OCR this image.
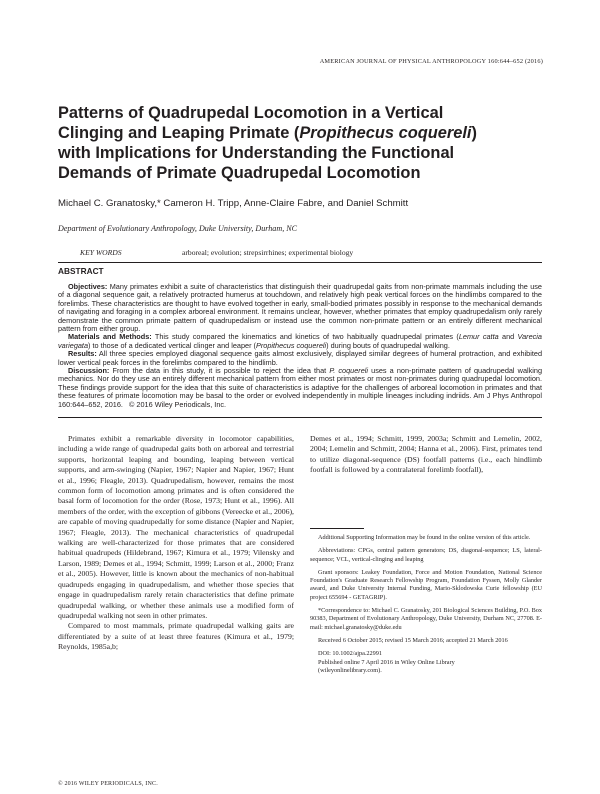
AMERICAN JOURNAL OF PHYSICAL ANTHROPOLOGY 160:644–652 (2016)
Patterns of Quadrupedal Locomotion in a Vertical
Clinging and Leaping Primate (Propithecus coquereli)
with Implications for Understanding the Functional
Demands of Primate Quadrupedal Locomotion
Michael C. Granatosky,* Cameron H. Tripp, Anne-Claire Fabre, and Daniel Schmitt
Department of Evolutionary Anthropology, Duke University, Durham, NC
KEY WORDS	arboreal; evolution; strepsirrhines; experimental biology
ABSTRACT

Objectives: Many primates exhibit a suite of characteristics that distinguish their quadrupedal gaits from non-primate mammals including the use of a diagonal sequence gait, a relatively protracted humerus at touchdown, and relatively high peak vertical forces on the hindlimbs compared to the forelimbs. These characteristics are thought to have evolved together in early, small-bodied primates possibly in response to the mechanical demands of navigating and foraging in a complex arboreal environment. It remains unclear, however, whether primates that employ quadrupedalism only rarely demonstrate the common primate pattern of quadrupedalism or instead use the common non-primate pattern or an entirely different mechanical pattern from either group.

Materials and Methods: This study compared the kinematics and kinetics of two habitually quadrupedal primates (Lemur catta and Varecia variegata) to those of a dedicated vertical clinger and leaper (Propithecus coquereli) during bouts of quadrupedal walking.

Results: All three species employed diagonal sequence gaits almost exclusively, displayed similar degrees of humeral protraction, and exhibited lower vertical peak forces in the forelimbs compared to the hindlimb.

Discussion: From the data in this study, it is possible to reject the idea that P. coquereli uses a non-primate pattern of quadrupedal walking mechanics. Nor do they use an entirely different mechanical pattern from either most primates or most non-primates during quadrupedal locomotion. These findings provide support for the idea that this suite of characteristics is adaptive for the challenges of arboreal locomotion in primates and that these features of primate locomotion may be basal to the order or evolved independently in multiple lineages including indriids. Am J Phys Anthropol 160:644–652, 2016. © 2016 Wiley Periodicals, Inc.

Primates exhibit a remarkable diversity in locomotor capabilities, including a wide range of quadrupedal gaits both on arboreal and terrestrial supports, horizontal leaping and bounding, leaping between vertical supports, and arm-swinging (Napier, 1967; Napier and Napier, 1967; Hunt et al., 1996; Fleagle, 2013). Quadrupedalism, however, remains the most common form of locomotion among primates and is often considered the basal form of locomotion for the order (Rose, 1973; Hunt et al., 1996). All members of the order, with the exception of gibbons (Vereecke et al., 2006), are capable of moving quadrupedally for some distance (Napier and Napier, 1967; Fleagle, 2013). The mechanical characteristics of quadrupedal walking are well-characterized for those primates that are considered habitual quadrupeds (Hildebrand, 1967; Kimura et al., 1979; Vilensky and Larson, 1989; Demes et al., 1994; Schmitt, 1999; Larson et al., 2000; Franz et al., 2005). However, little is known about the mechanics of non-habitual quadrupeds engaging in quadrupedalism, and whether those species that engage in quadrupedalism rarely retain characteristics that define primate quadrupedal walking, or whether these animals use a modified form of quadrupedal walking not seen in other primates.

Compared to most mammals, primate quadrupedal walking gaits are differentiated by a suite of at least three features (Kimura et al., 1979; Reynolds, 1985a,b;

Demes et al., 1994; Schmitt, 1999, 2003a; Schmitt and Lemelin, 2002, 2004; Lemelin and Schmitt, 2004; Hanna et al., 2006). First, primates tend to utilize diagonal-sequence (DS) footfall patterns (i.e., each hindlimb footfall is followed by a contralateral forelimb footfall),

Additional Supporting Information may be found in the online version of this article.

Abbreviations: CPGs, central pattern generators; DS, diagonal-sequence; LS, lateral-sequence; VCL, vertical-clinging and leaping

Grant sponsors: Leakey Foundation, Force and Motion Foundation, National Science Foundation's Graduate Research Fellowship Program, Foundation Fyssen, Molly Glander award, and Duke University Internal Funding, Mario-Sklodowska Curie fellowship (EU project 655694 - GETAGRIP).

*Correspondence to: Michael C. Granatosky, 201 Biological Sciences Building, P.O. Box 90383, Department of Evolutionary Anthropology, Duke University, Durham NC, 27708. E-mail: michael.granatosky@duke.edu

Received 6 October 2015; revised 15 March 2016; accepted 21 March 2016

DOI: 10.1002/ajpa.22991

Published online 7 April 2016 in Wiley Online Library

(wileyonlinelibrary.com).

© 2016 WILEY PERIODICALS, INC.
